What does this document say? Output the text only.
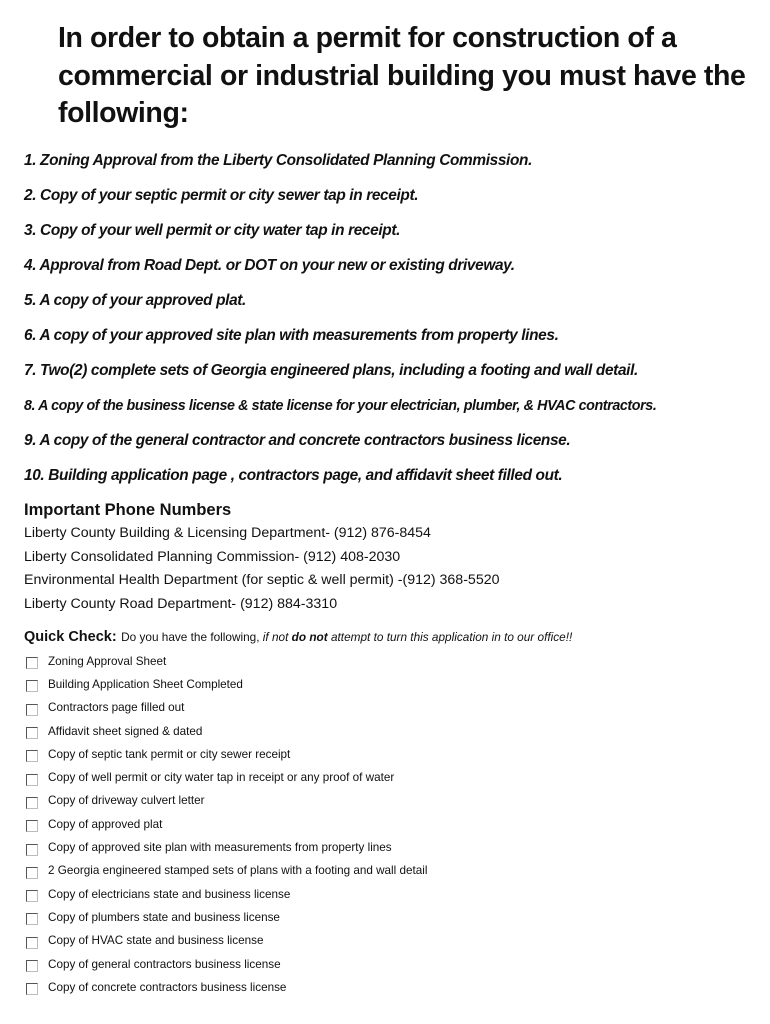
In order to obtain a permit for construction of a commercial or industrial building you must have the following:
1. Zoning Approval from the Liberty Consolidated Planning Commission.
2. Copy of your septic permit or city sewer tap in receipt.
3. Copy of your well permit or city water tap in receipt.
4. Approval from Road Dept. or DOT on your new or existing driveway.
5. A copy of your approved plat.
6. A copy of your approved site plan with measurements from property lines.
7. Two(2) complete sets of Georgia engineered plans, including a footing and wall detail.
8. A copy of the business license & state license for your electrician, plumber, & HVAC contractors.
9. A copy of the general contractor and concrete contractors business license.
10. Building application page , contractors page, and affidavit sheet filled out.
Important Phone Numbers
Liberty County Building & Licensing Department- (912) 876-8454
Liberty Consolidated Planning Commission- (912) 408-2030
Environmental Health Department (for septic & well permit) -(912) 368-5520
Liberty County Road Department- (912) 884-3310
Quick Check: Do you have the following, if not do not attempt to turn this application in to our office!!
Zoning Approval Sheet
Building Application Sheet Completed
Contractors page filled out
Affidavit sheet signed & dated
Copy of septic tank permit or city sewer receipt
Copy of well permit or city water tap in receipt or any proof of water
Copy of driveway culvert letter
Copy of approved plat
Copy of approved site plan with measurements from property lines
2 Georgia engineered stamped sets of plans with a footing and wall detail
Copy of electricians state and business license
Copy of plumbers state and business license
Copy of HVAC state and business license
Copy of general contractors business license
Copy of concrete contractors business license
